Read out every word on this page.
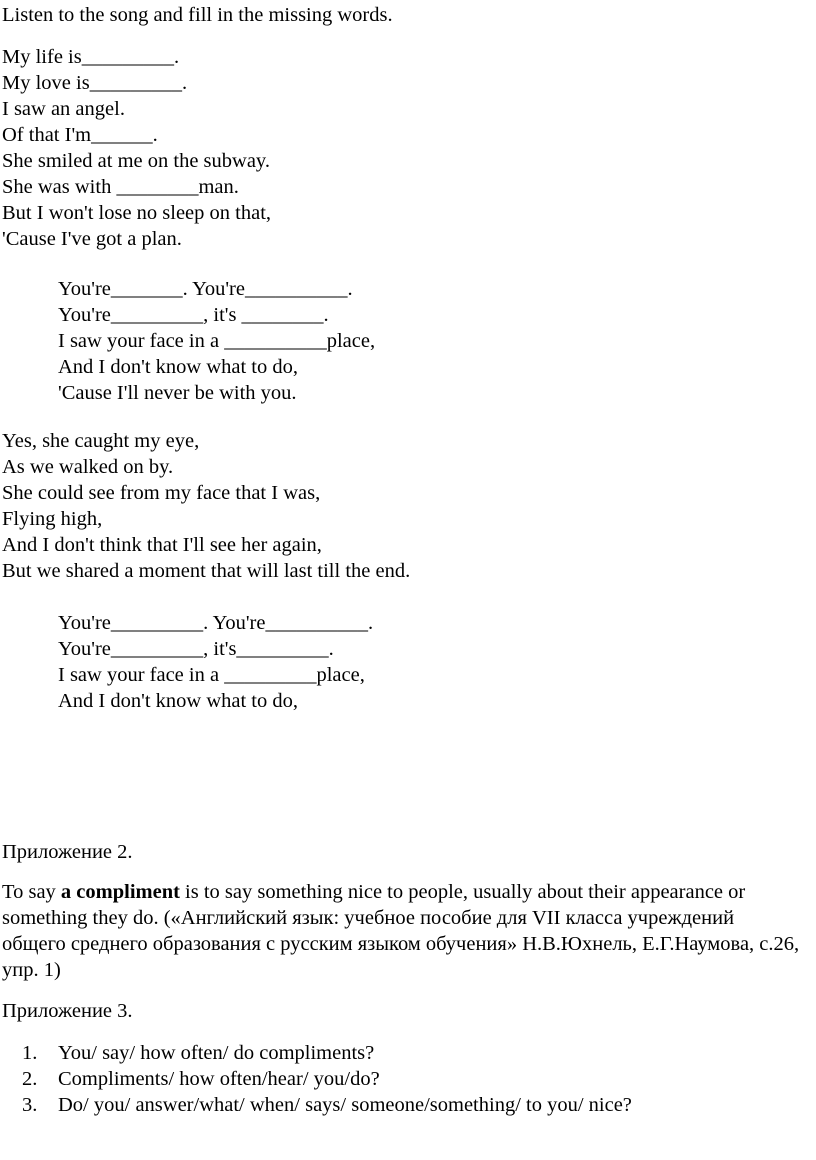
Listen to the song and fill in the missing words.
My life is_________.
My love is_________.
I saw an angel.
Of that I'm______.
She smiled at me on the subway.
She was with ________man.
But I won't lose no sleep on that,
'Cause I've got a plan.
You're_______. You're__________.
You're_________, it's ________.
I saw your face in a __________place,
And I don't know what to do,
'Cause I'll never be with you.
Yes, she caught my eye,
As we walked on by.
She could see from my face that I was,
Flying high,
And I don't think that I'll see her again,
But we shared a moment that will last till the end.
You're_________. You're__________.
You're_________, it's_________.
I saw your face in a _________place,
And I don't know what to do,
Приложение 2.
To say a compliment is to say something nice to people, usually about their appearance or something they do. («Английский язык: учебное пособие для VII класса учреждений общего среднего образования с русским языком обучения» Н.В.Юхнель, Е.Г.Наумова, с.26, упр. 1)
Приложение 3.
1. You/ say/ how often/ do compliments?
2. Compliments/ how often/hear/ you/do?
3. Do/ you/ answer/what/ when/ says/ someone/something/ to you/ nice?
